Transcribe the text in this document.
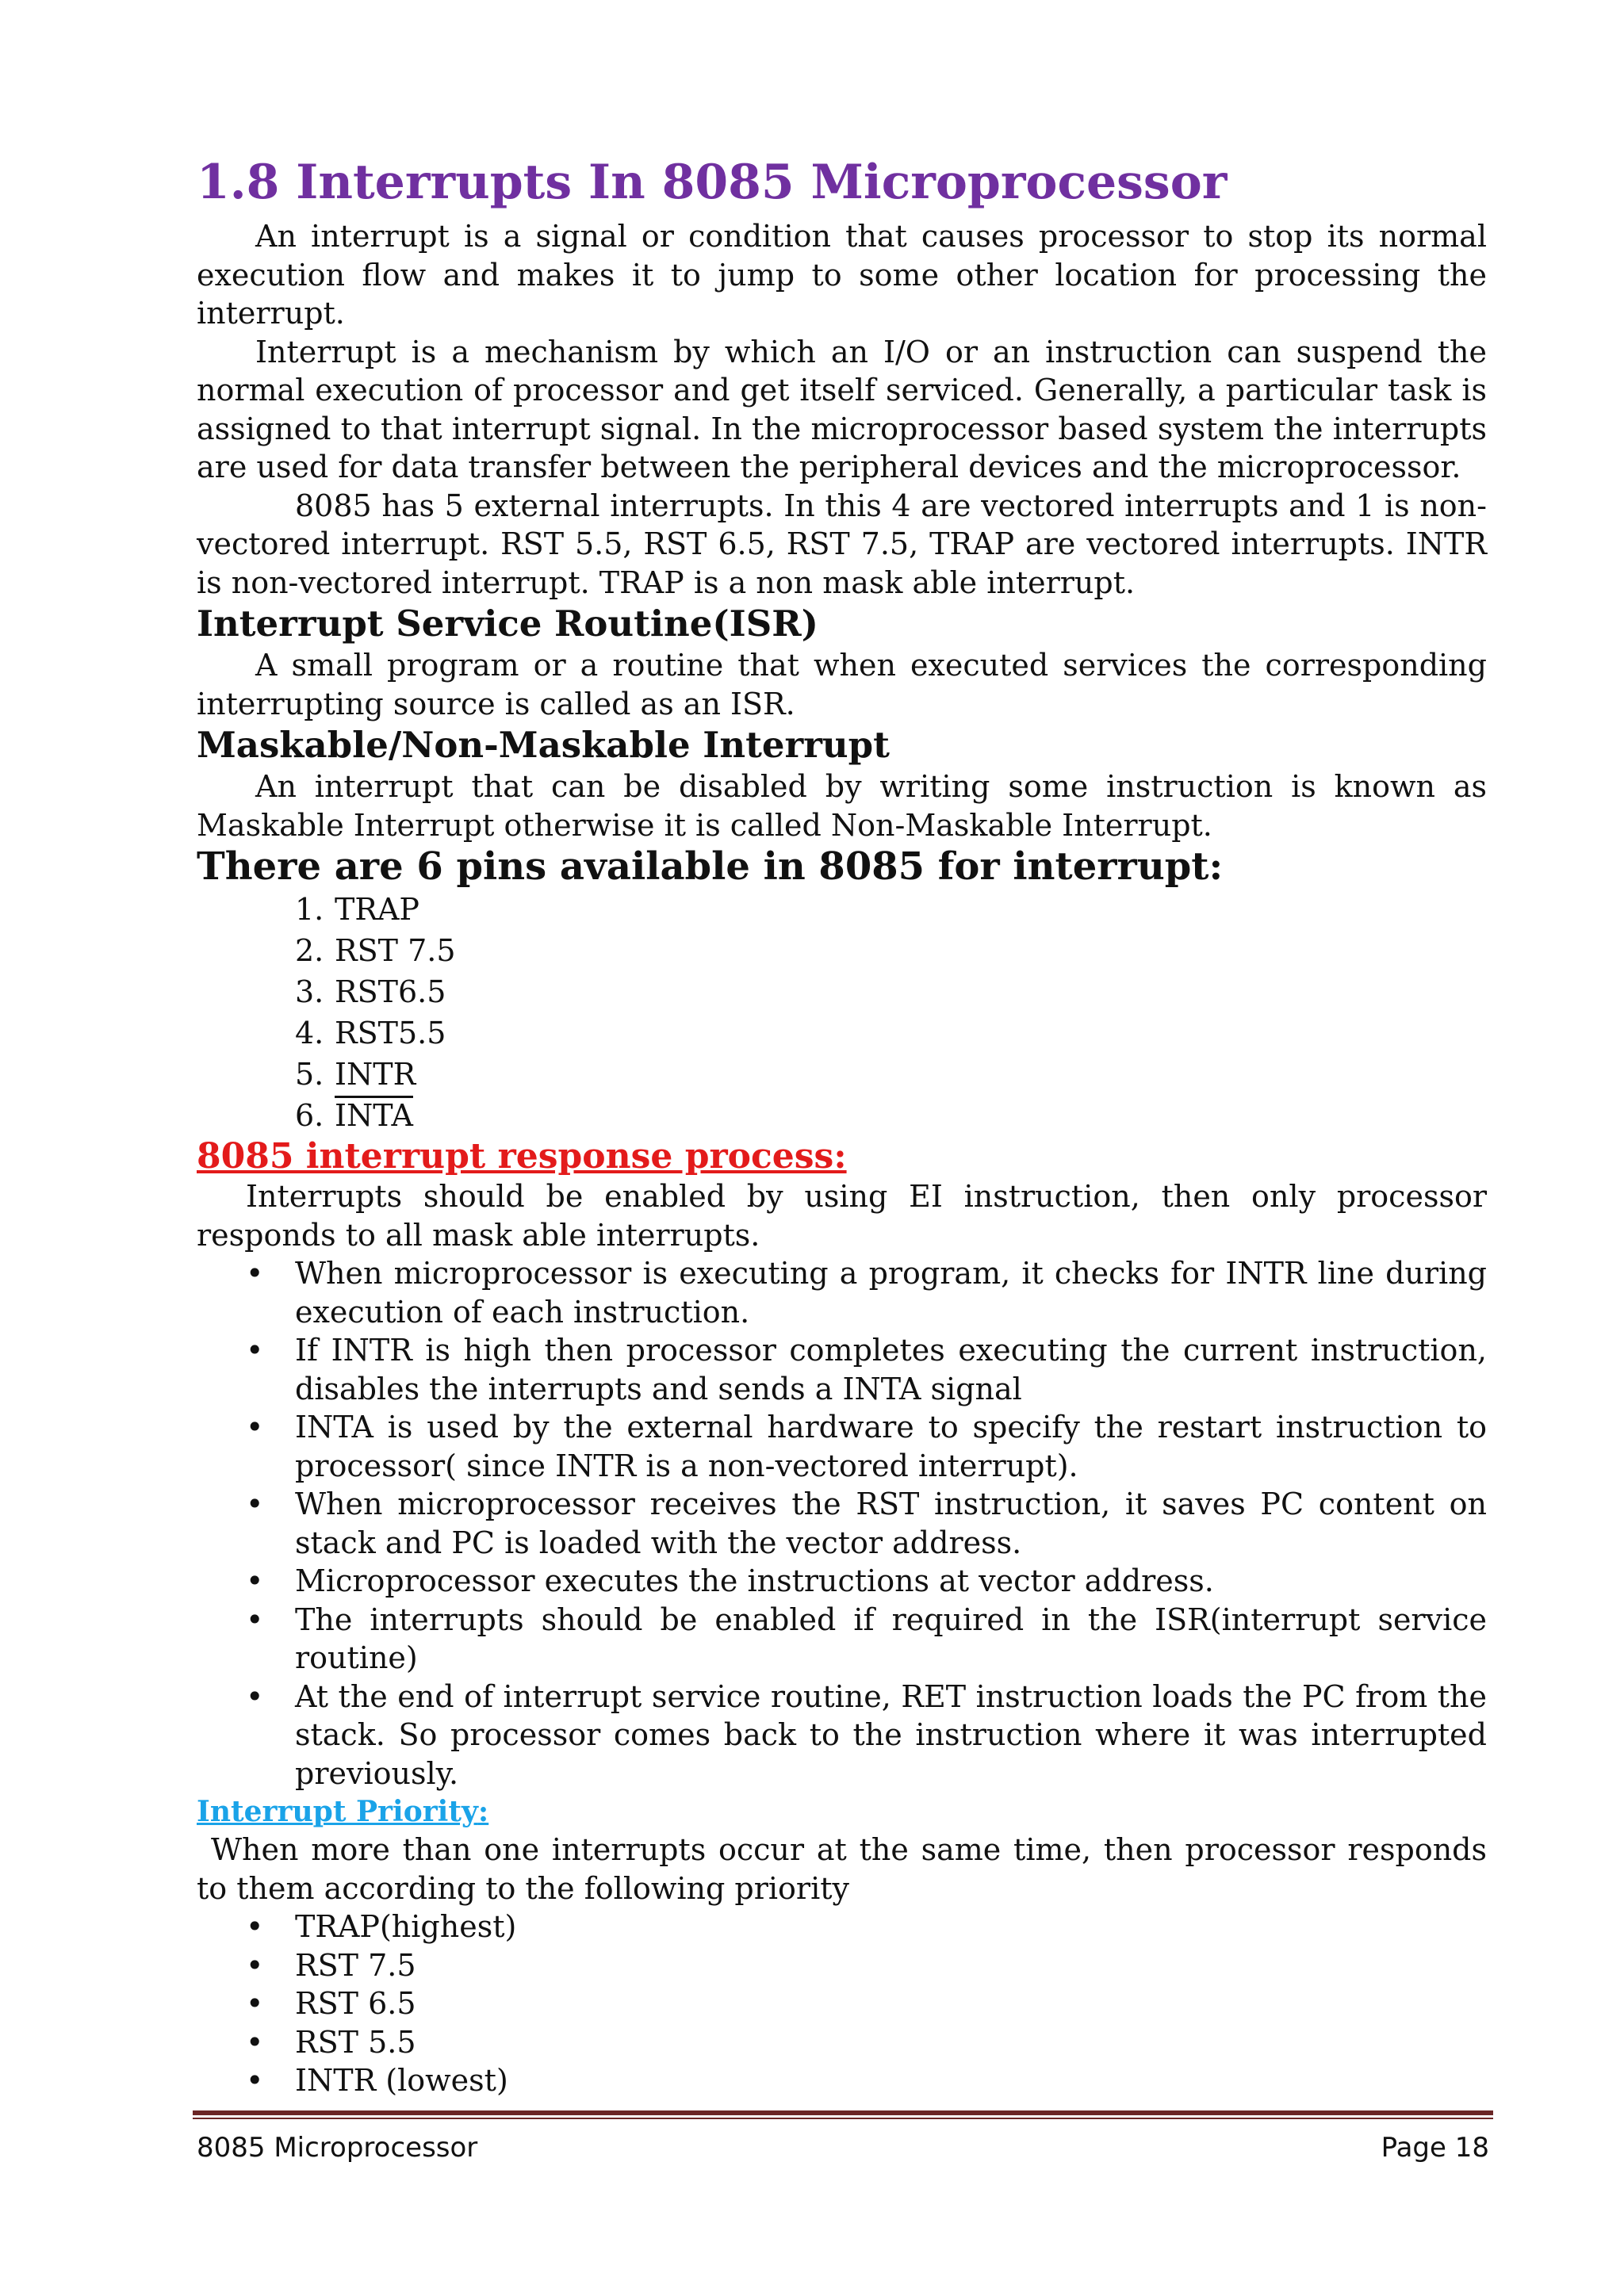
1.8 Interrupts In 8085 Microprocessor

An interrupt is a signal or condition that causes processor to stop its normal execution flow and makes it to jump to some other location for processing the interrupt.

Interrupt is a mechanism by which an I/O or an instruction can suspend the normal execution of processor and get itself serviced. Generally, a particular task is assigned to that interrupt signal. In the microprocessor based system the interrupts are used for data transfer between the peripheral devices and the microprocessor.

8085 has 5 external interrupts. In this 4 are vectored interrupts and 1 is non-vectored interrupt. RST 5.5, RST 6.5, RST 7.5, TRAP are vectored interrupts. INTR is non-vectored interrupt. TRAP is a non mask able interrupt.

Interrupt Service Routine(ISR)

A small program or a routine that when executed services the corresponding interrupting source is called as an ISR.

Maskable/Non-Maskable Interrupt

An interrupt that can be disabled by writing some instruction is known as Maskable Interrupt otherwise it is called Non-Maskable Interrupt.

There are 6 pins available in 8085 for interrupt:
1. TRAP
2. RST 7.5
3. RST6.5
4. RST5.5
5. INTR
6. INTA
8085 interrupt response process:

Interrupts should be enabled by using EI instruction, then only processor responds to all mask able interrupts.

• When microprocessor is executing a program, it checks for INTR line during execution of each instruction.
• If INTR is high then processor completes executing the current instruction, disables the interrupts and sends a INTA signal
• INTA is used by the external hardware to specify the restart instruction to processor( since INTR is a non-vectored interrupt).
• When microprocessor receives the RST instruction, it saves PC content on stack and PC is loaded with the vector address.
• Microprocessor executes the instructions at vector address.
• The interrupts should be enabled if required in the ISR(interrupt service routine)
• At the end of interrupt service routine, RET instruction loads the PC from the stack. So processor comes back to the instruction where it was interrupted previously.
Interrupt Priority:

When more than one interrupts occur at the same time, then processor responds to them according to the following priority

• TRAP(highest)
• RST 7.5
• RST 6.5
• RST 5.5
• INTR (lowest)
8085 Microprocessor	Page 18
